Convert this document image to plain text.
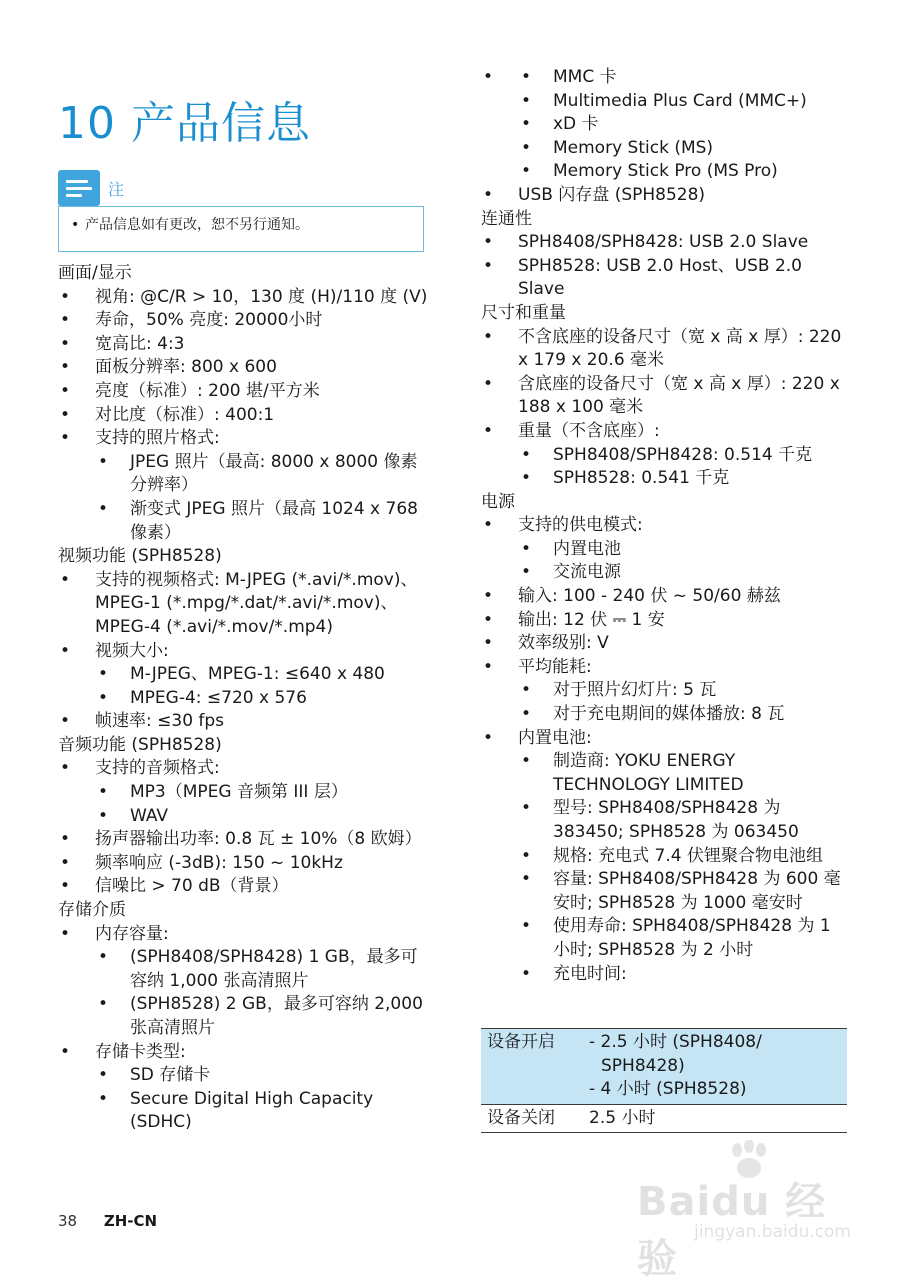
10 产品信息
注
• 产品信息如有更改，恕不另行通知。

画面/显示

• 视角: @C/R > 10，130 度 (H)/110 度 (V)
• 寿命，50% 亮度: 20000小时
• 宽高比: 4:3
• 面板分辨率: 800 x 600
• 亮度（标准）: 200 堪/平方米
• 对比度（标准）: 400:1
• 支持的照片格式:
• JPEG 照片（最高: 8000 x 8000 像素分辨率）
• 渐变式 JPEG 照片（最高 1024 x 768 像素）

视频功能 (SPH8528)

• 支持的视频格式: M-JPEG (*.avi/*.mov)、MPEG-1 (*.mpg/*.dat/*.avi/*.mov)、MPEG-4 (*.avi/*.mov/*.mp4)
• 视频大小:
• M-JPEG、MPEG-1: ≤640 x 480
• MPEG-4: ≤720 x 576
• 帧速率: ≤30 fps

音频功能 (SPH8528)

• 支持的音频格式:
• MP3（MPEG 音频第 III 层）
• WAV
• 扬声器输出功率: 0.8 瓦 ± 10%（8 欧姆）
• 频率响应 (-3dB): 150 ~ 10kHz
• 信噪比 > 70 dB（背景）

存储介质

• 内存容量:
• (SPH8408/SPH8428) 1 GB，最多可容纳 1,000 张高清照片
• (SPH8528) 2 GB，最多可容纳 2,000 张高清照片
• 存储卡类型:
• SD 存储卡
• Secure Digital High Capacity (SDHC)
• • MMC 卡
• Multimedia Plus Card (MMC+)
• xD 卡
• Memory Stick (MS)
• Memory Stick Pro (MS Pro)
• USB 闪存盘 (SPH8528)

连通性

• SPH8408/SPH8428: USB 2.0 Slave
• SPH8528: USB 2.0 Host、USB 2.0 Slave

尺寸和重量

• 不含底座的设备尺寸（宽 x 高 x 厚）: 220 x 179 x 20.6 毫米
• 含底座的设备尺寸（宽 x 高 x 厚）: 220 x 188 x 100 毫米
• 重量（不含底座）:
• SPH8408/SPH8428: 0.514 千克
• SPH8528: 0.541 千克

电源

• 支持的供电模式:
• 内置电池
• 交流电源
• 输入: 100 - 240 伏 ~ 50/60 赫兹
• 输出: 12 伏 ⎓ 1 安
• 效率级别: V
• 平均能耗:
• 对于照片幻灯片: 5 瓦
• 对于充电期间的媒体播放: 8 瓦
• 内置电池:
• 制造商: YOKU ENERGY TECHNOLOGY LIMITED
• 型号: SPH8408/SPH8428 为 383450; SPH8528 为 063450
• 规格: 充电式 7.4 伏锂聚合物电池组
• 容量: SPH8408/SPH8428 为 600 毫安时; SPH8528 为 1000 毫安时
• 使用寿命: SPH8408/SPH8428 为 1 小时; SPH8528 为 2 小时
• 充电时间:
设备开启	- 2.5 小时 (SPH8408/ SPH8428)
- 4 小时 (SPH8528)

设备关闭	2.5 小时
38 ZH-CN	Baidu 经验
jingyan.baidu.com
